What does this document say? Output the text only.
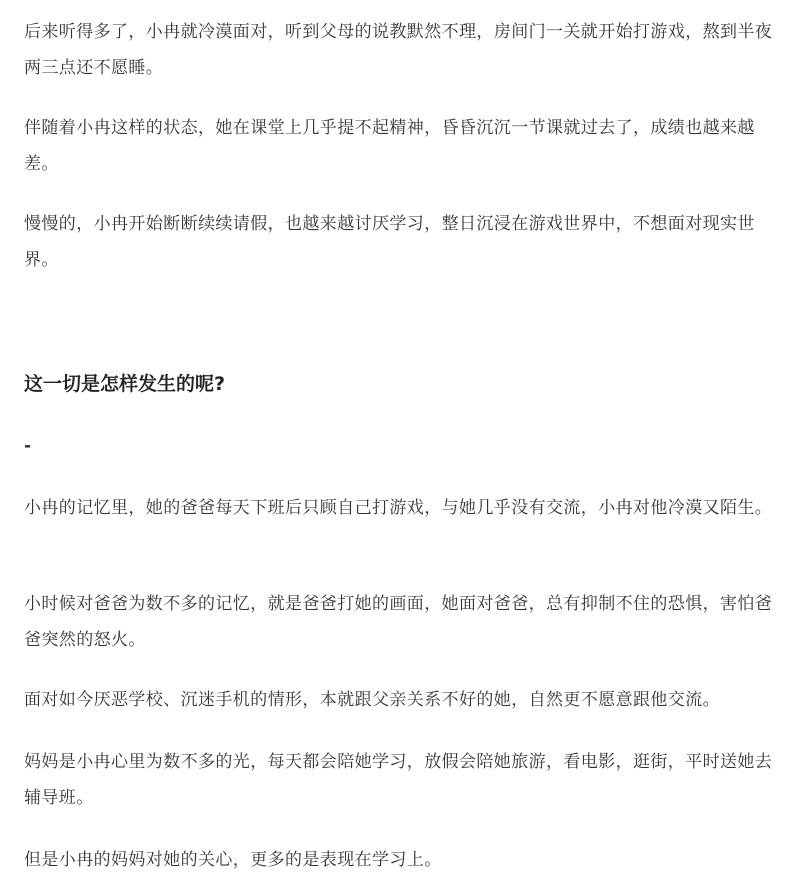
后来听得多了，小冉就冷漠面对，听到父母的说教默然不理，房间门一关就开始打游戏，熬到半夜两三点还不愿睡。

伴随着小冉这样的状态，她在课堂上几乎提不起精神，昏昏沉沉一节课就过去了，成绩也越来越差。

慢慢的，小冉开始断断续续请假，也越来越讨厌学习，整日沉浸在游戏世界中，不想面对现实世界。

这一切是怎样发生的呢?

-

小冉的记忆里，她的爸爸每天下班后只顾自己打游戏，与她几乎没有交流，小冉对他冷漠又陌生。

小时候对爸爸为数不多的记忆，就是爸爸打她的画面，她面对爸爸，总有抑制不住的恐惧，害怕爸爸突然的怒火。

面对如今厌恶学校、沉迷手机的情形，本就跟父亲关系不好的她，自然更不愿意跟他交流。

妈妈是小冉心里为数不多的光，每天都会陪她学习，放假会陪她旅游，看电影，逛街，平时送她去辅导班。

但是小冉的妈妈对她的关心，更多的是表现在学习上。
